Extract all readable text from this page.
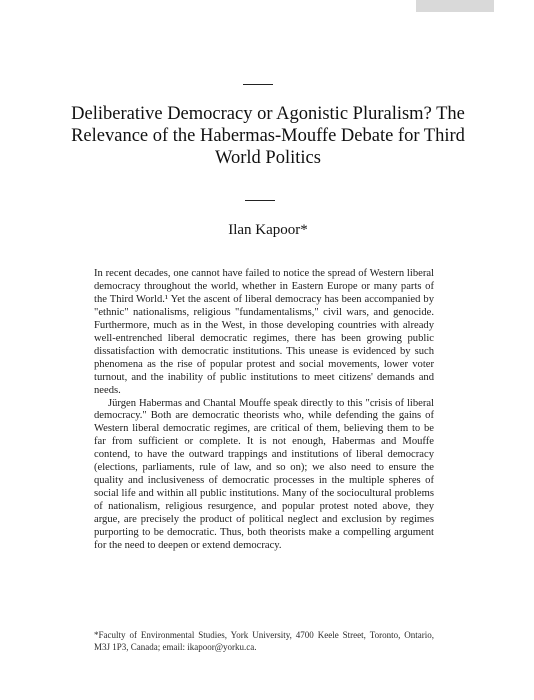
Deliberative Democracy or Agonistic Pluralism? The Relevance of the Habermas-Mouffe Debate for Third World Politics
Ilan Kapoor*

In recent decades, one cannot have failed to notice the spread of Western liberal democracy throughout the world, whether in Eastern Europe or many parts of the Third World.¹ Yet the ascent of liberal democracy has been accompanied by "ethnic" nationalisms, religious "fundamentalisms," civil wars, and genocide. Furthermore, much as in the West, in those developing countries with already well-entrenched liberal democratic regimes, there has been growing public dissatisfaction with democratic institutions. This unease is evidenced by such phenomena as the rise of popular protest and social movements, lower voter turnout, and the inability of public institutions to meet citizens' demands and needs.

Jürgen Habermas and Chantal Mouffe speak directly to this "crisis of liberal democracy." Both are democratic theorists who, while defending the gains of Western liberal democratic regimes, are critical of them, believing them to be far from sufficient or complete. It is not enough, Habermas and Mouffe contend, to have the outward trappings and institutions of liberal democracy (elections, parliaments, rule of law, and so on); we also need to ensure the quality and inclusiveness of democratic processes in the multiple spheres of social life and within all public institutions. Many of the sociocultural problems of nationalism, religious resurgence, and popular protest noted above, they argue, are precisely the product of political neglect and exclusion by regimes purporting to be democratic. Thus, both theorists make a compelling argument for the need to deepen or extend democracy.

*Faculty of Environmental Studies, York University, 4700 Keele Street, Toronto, Ontario, M3J 1P3, Canada; email: ikapoor@yorku.ca.
